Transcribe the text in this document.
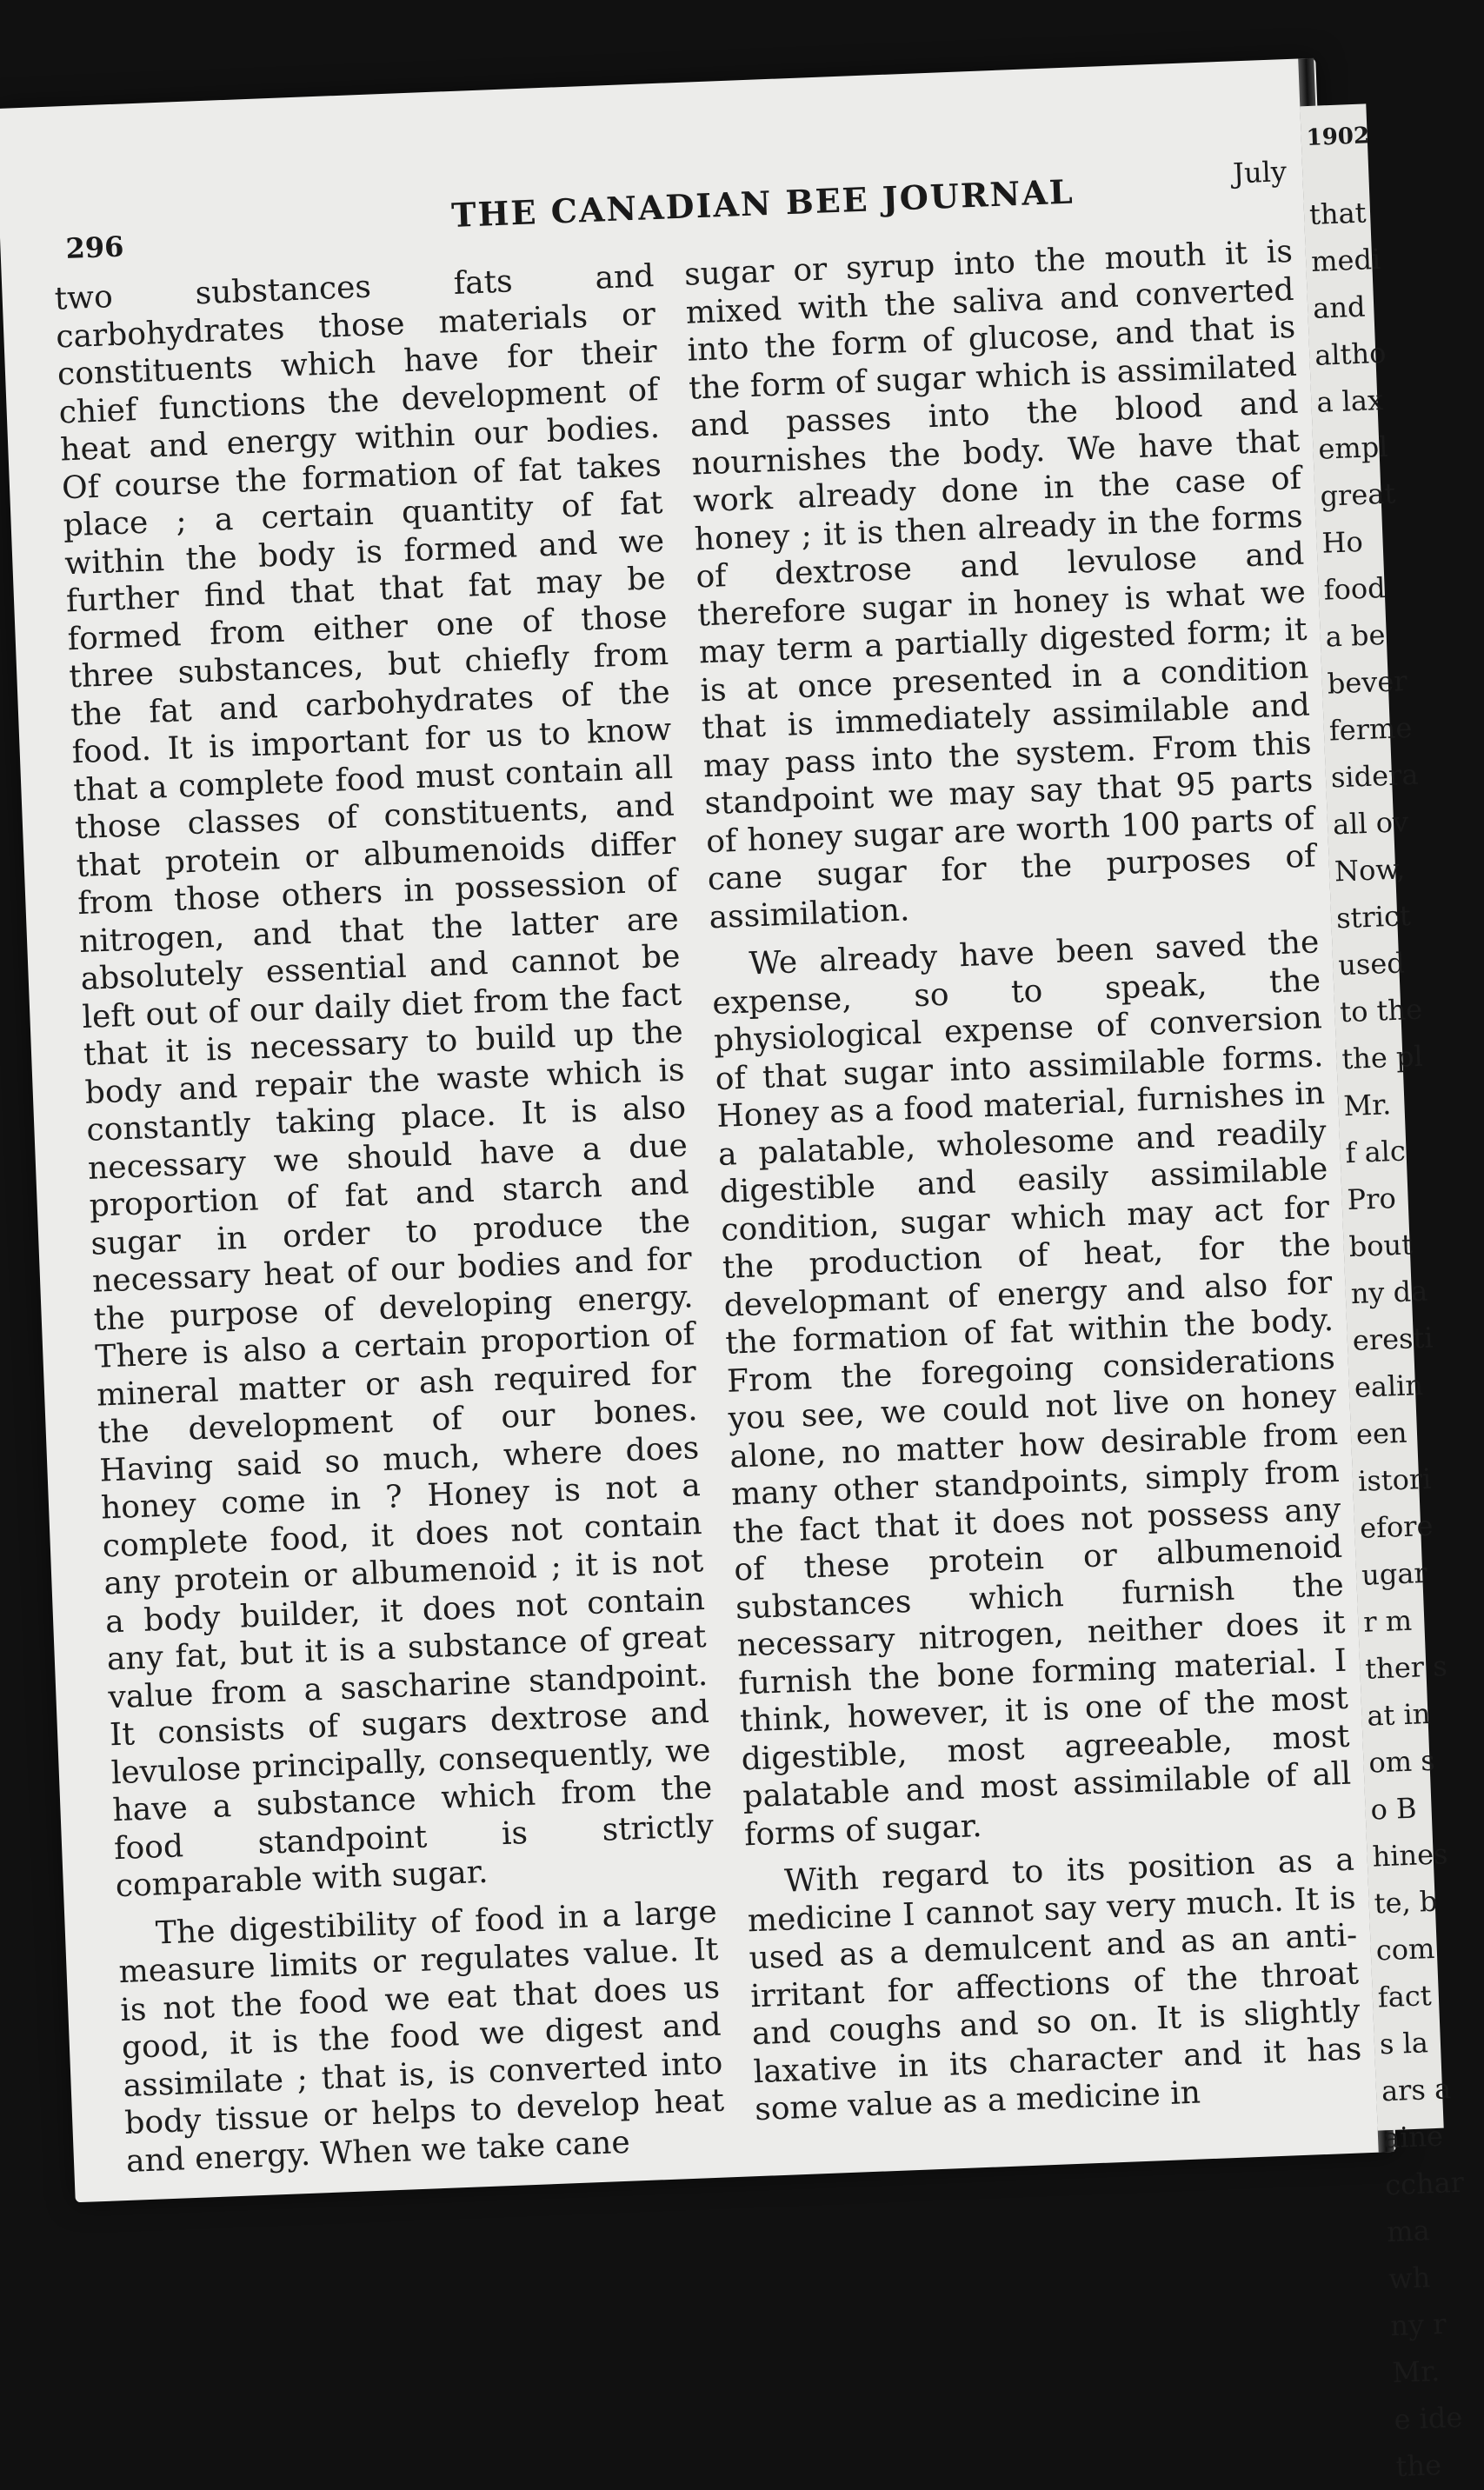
296
THE CANADIAN BEE JOURNAL	July

two substances fats and carbohydrates those materials or constituents which have for their chief functions the development of heat and energy within our bodies. Of course the formation of fat takes place ; a certain quantity of fat within the body is formed and we further find that that fat may be formed from either one of those three substances, but chiefly from the fat and carbohydrates of the food. It is important for us to know that a complete food must contain all those classes of constituents, and that protein or albumenoids differ from those others in possession of nitrogen, and that the latter are absolutely essential and cannot be left out of our daily diet from the fact that it is necessary to build up the body and repair the waste which is constantly taking place. It is also necessary we should have a due proportion of fat and starch and sugar in order to produce the necessary heat of our bodies and for the purpose of developing energy. There is also a certain proportion of mineral matter or ash required for the development of our bones. Having said so much, where does honey come in ? Honey is not a complete food, it does not contain any protein or albumenoid ; it is not a body builder, it does not contain any fat, but it is a substance of great value from a sascharine standpoint. It consists of sugars dextrose and levulose principally, consequently, we have a substance which from the food standpoint is strictly comparable with sugar.

The digestibility of food in a large measure limits or regulates value. It is not the food we eat that does us good, it is the food we digest and assimilate ; that is, is converted into body tissue or helps to develop heat and energy. When we take cane

sugar or syrup into the mouth it is mixed with the saliva and converted into the form of glucose, and that is the form of sugar which is assimilated and passes into the blood and nournishes the body. We have that work already done in the case of honey ; it is then already in the forms of dextrose and levulose and therefore sugar in honey is what we may term a partially digested form; it is at once presented in a condition that is immediately assimilable and may pass into the system. From this standpoint we may say that 95 parts of honey sugar are worth 100 parts of cane sugar for the purposes of assimilation.

We already have been saved the expense, so to speak, the physiological expense of conversion of that sugar into assimilable forms. Honey as a food material, furnishes in a palatable, wholesome and readily digestible and easily assimilable condition, sugar which may act for the production of heat, for the developmant of energy and also for the formation of fat within the body. From the foregoing considerations you see, we could not live on honey alone, no matter how desirable from many other standpoints, simply from the fact that it does not possess any of these protein or albumenoid substances which furnish the necessary nitrogen, neither does it furnish the bone forming material. I think, however, it is one of the most digestible, most agreeable, most palatable and most assimilable of all forms of sugar.

With regard to its position as a medicine I cannot say very much. It is used as a demulcent and as an anti-irritant for affections of the throat and coughs and so on. It is slightly laxative in its character and it has some value as a medicine in

1902
that
medi
and
altho
a lax
empl
great
Ho
food
a be
bever
ferme
sidera
all ov
Now,
strict
used
to the
the pl
Mr.
f alc
Pro
bout
ny da
eresti
ealin
een
istori
efore
ugar
r m
ther s
at in
om s
o B
hines
te, b
com
fact
s la
ars a
aine
cchar
ma
wh
ny r
Mr.
e ide
the
